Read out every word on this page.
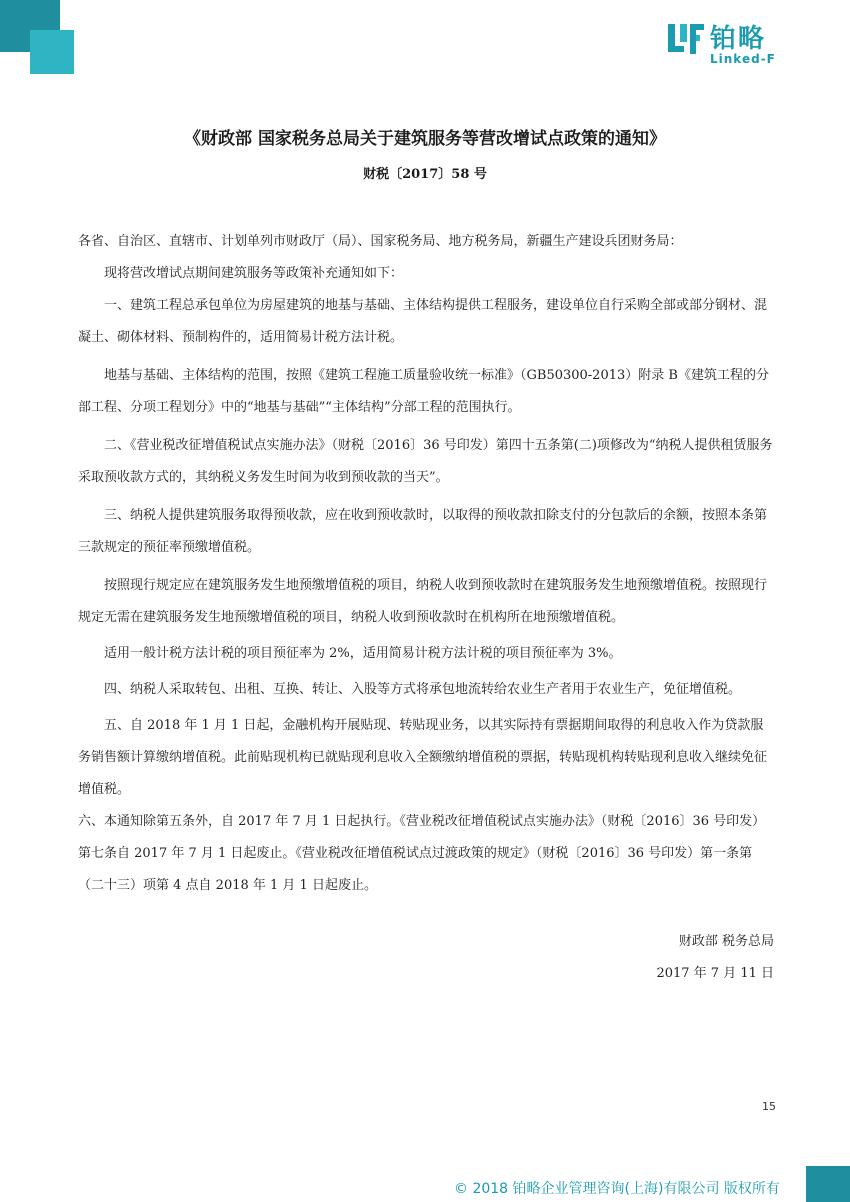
铂略
Linked-F
《财政部 国家税务总局关于建筑服务等营改增试点政策的通知》
财税〔2017〕58 号

各省、自治区、直辖市、计划单列市财政厅（局）、国家税务局、地方税务局，新疆生产建设兵团财务局：

现将营改增试点期间建筑服务等政策补充通知如下：

一、建筑工程总承包单位为房屋建筑的地基与基础、主体结构提供工程服务，建设单位自行采购全部或部分钢材、混凝土、砌体材料、预制构件的，适用简易计税方法计税。

地基与基础、主体结构的范围，按照《建筑工程施工质量验收统一标准》（GB50300-2013）附录 B《建筑工程的分部工程、分项工程划分》中的“地基与基础”“主体结构”分部工程的范围执行。

二、《营业税改征增值税试点实施办法》（财税〔2016〕36 号印发）第四十五条第(二)项修改为“纳税人提供租赁服务采取预收款方式的，其纳税义务发生时间为收到预收款的当天”。

三、纳税人提供建筑服务取得预收款，应在收到预收款时，以取得的预收款扣除支付的分包款后的余额，按照本条第三款规定的预征率预缴增值税。

按照现行规定应在建筑服务发生地预缴增值税的项目，纳税人收到预收款时在建筑服务发生地预缴增值税。按照现行规定无需在建筑服务发生地预缴增值税的项目，纳税人收到预收款时在机构所在地预缴增值税。

适用一般计税方法计税的项目预征率为 2%，适用简易计税方法计税的项目预征率为 3%。

四、纳税人采取转包、出租、互换、转让、入股等方式将承包地流转给农业生产者用于农业生产，免征增值税。

五、自 2018 年 1 月 1 日起，金融机构开展贴现、转贴现业务，以其实际持有票据期间取得的利息收入作为贷款服务销售额计算缴纳增值税。此前贴现机构已就贴现利息收入全额缴纳增值税的票据，转贴现机构转贴现利息收入继续免征增值税。

六、本通知除第五条外，自 2017 年 7 月 1 日起执行。《营业税改征增值税试点实施办法》（财税〔2016〕36 号印发）第七条自 2017 年 7 月 1 日起废止。《营业税改征增值税试点过渡政策的规定》（财税〔2016〕36 号印发）第一条第（二十三）项第 4 点自 2018 年 1 月 1 日起废止。

财政部 税务总局
2017 年 7 月 11 日
15
© 2018 铂略企业管理咨询(上海)有限公司 版权所有
